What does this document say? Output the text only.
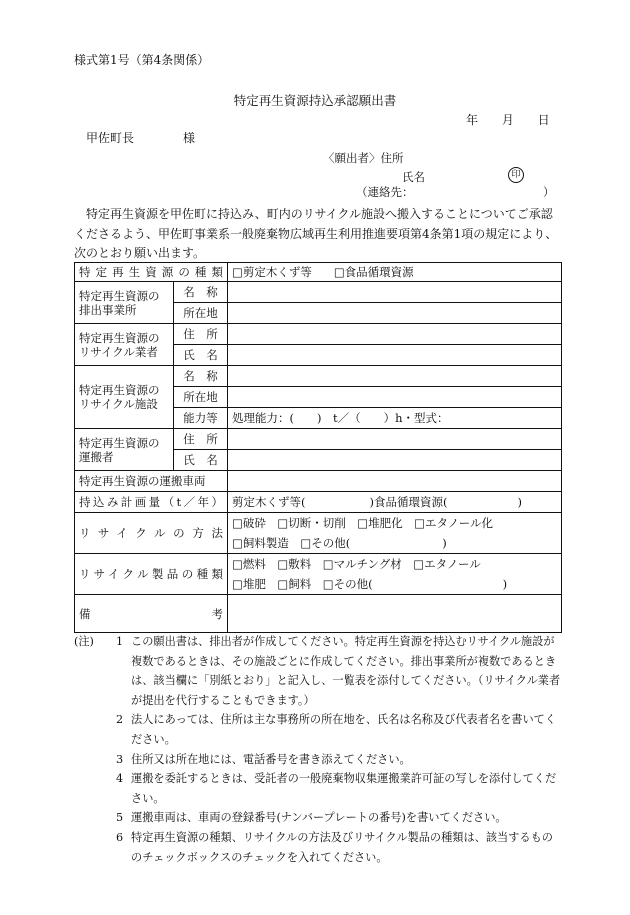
様式第1号（第4条関係）
特定再生資源持込承認願出書
年 月 日
甲佐町長	様
〈願出者〉住所
氏名	印
（連絡先：	）
特定再生資源を甲佐町に持込み、町内のリサイクル施設へ搬入することについてご承認くださるよう、甲佐町事業系一般廃棄物広域再生利用推進要項第4条第1項の規定により、次のとおり願い出ます。
特定再生資源の種類		□剪定木くず等 □食品循環資源
特定再生資源の排出事業所	名　称	
	所在地	
特定再生資源のリサイクル業者	住　所	
	氏　名	
特定再生資源のリサイクル施設	名　称	
	所在地	
	能力等	処理能力：(　　)　t／（　　）h・型式：
特定再生資源の運搬者	住　所	
	氏　名	
特定再生資源の運搬車両		
持込み計画量（t／年）		剪定木くず等( )食品循環資源( )
リサイクルの方法		□破砕　□切断・切削　□堆肥化　□エタノール化
□飼料製造　□その他( )

リサイクル製品の種類		□燃料　□敷料　□マルチング材　□エタノール
□堆肥　□飼料　□その他( )

備　　　考		
(注)	1 この願出書は、排出者が作成してください。特定再生資源を持込むリサイクル施設が複数であるときは、その施設ごとに作成してください。排出事業所が複数であるときは、該当欄に「別紙とおり」と記入し、一覧表を添付してください。（リサイクル業者が提出を代行することもできます。）
2 法人にあっては、住所は主な事務所の所在地を、氏名は名称及び代表者名を書いてください。
3 住所又は所在地には、電話番号を書き添えてください。
4 運搬を委託するときは、受託者の一般廃棄物収集運搬業許可証の写しを添付してください。
5 運搬車両は、車両の登録番号(ナンバープレートの番号)を書いてください。
6 特定再生資源の種類、リサイクルの方法及びリサイクル製品の種類は、該当するもののチェックボックスのチェックを入れてください。
